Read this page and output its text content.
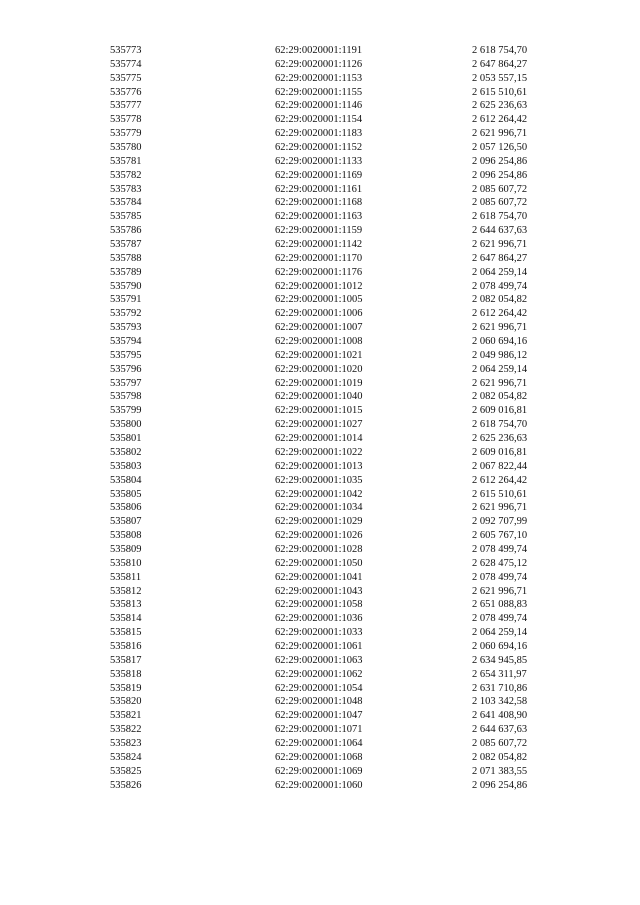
535773	62:29:0020001:1191	2 618 754,70
535774	62:29:0020001:1126	2 647 864,27
535775	62:29:0020001:1153	2 053 557,15
535776	62:29:0020001:1155	2 615 510,61
535777	62:29:0020001:1146	2 625 236,63
535778	62:29:0020001:1154	2 612 264,42
535779	62:29:0020001:1183	2 621 996,71
535780	62:29:0020001:1152	2 057 126,50
535781	62:29:0020001:1133	2 096 254,86
535782	62:29:0020001:1169	2 096 254,86
535783	62:29:0020001:1161	2 085 607,72
535784	62:29:0020001:1168	2 085 607,72
535785	62:29:0020001:1163	2 618 754,70
535786	62:29:0020001:1159	2 644 637,63
535787	62:29:0020001:1142	2 621 996,71
535788	62:29:0020001:1170	2 647 864,27
535789	62:29:0020001:1176	2 064 259,14
535790	62:29:0020001:1012	2 078 499,74
535791	62:29:0020001:1005	2 082 054,82
535792	62:29:0020001:1006	2 612 264,42
535793	62:29:0020001:1007	2 621 996,71
535794	62:29:0020001:1008	2 060 694,16
535795	62:29:0020001:1021	2 049 986,12
535796	62:29:0020001:1020	2 064 259,14
535797	62:29:0020001:1019	2 621 996,71
535798	62:29:0020001:1040	2 082 054,82
535799	62:29:0020001:1015	2 609 016,81
535800	62:29:0020001:1027	2 618 754,70
535801	62:29:0020001:1014	2 625 236,63
535802	62:29:0020001:1022	2 609 016,81
535803	62:29:0020001:1013	2 067 822,44
535804	62:29:0020001:1035	2 612 264,42
535805	62:29:0020001:1042	2 615 510,61
535806	62:29:0020001:1034	2 621 996,71
535807	62:29:0020001:1029	2 092 707,99
535808	62:29:0020001:1026	2 605 767,10
535809	62:29:0020001:1028	2 078 499,74
535810	62:29:0020001:1050	2 628 475,12
535811	62:29:0020001:1041	2 078 499,74
535812	62:29:0020001:1043	2 621 996,71
535813	62:29:0020001:1058	2 651 088,83
535814	62:29:0020001:1036	2 078 499,74
535815	62:29:0020001:1033	2 064 259,14
535816	62:29:0020001:1061	2 060 694,16
535817	62:29:0020001:1063	2 634 945,85
535818	62:29:0020001:1062	2 654 311,97
535819	62:29:0020001:1054	2 631 710,86
535820	62:29:0020001:1048	2 103 342,58
535821	62:29:0020001:1047	2 641 408,90
535822	62:29:0020001:1071	2 644 637,63
535823	62:29:0020001:1064	2 085 607,72
535824	62:29:0020001:1068	2 082 054,82
535825	62:29:0020001:1069	2 071 383,55
535826	62:29:0020001:1060	2 096 254,86
